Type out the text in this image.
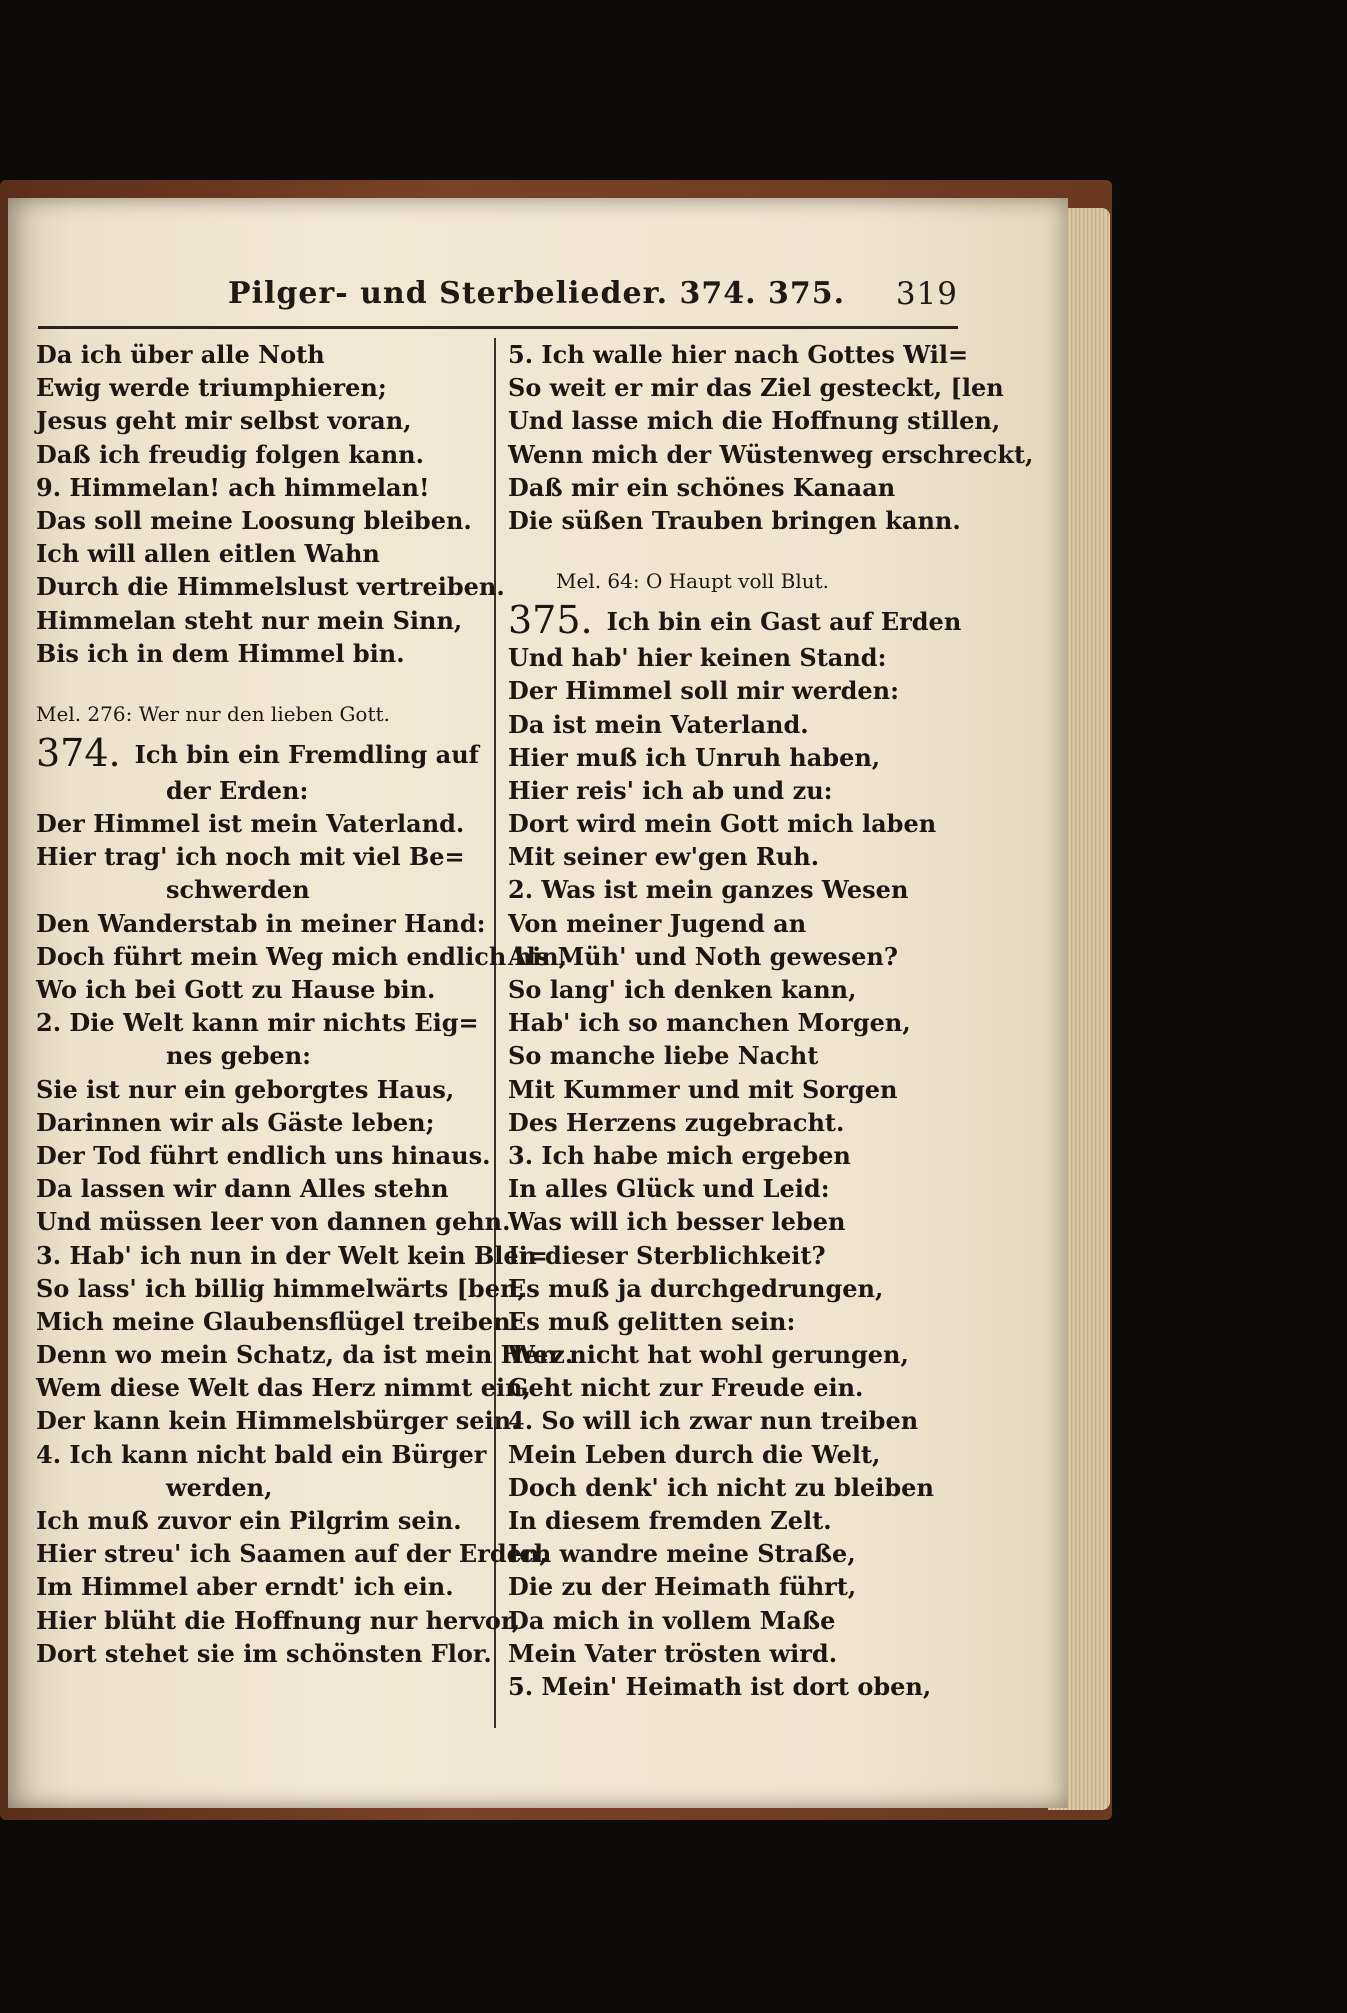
Pilger- und Sterbelieder. 374. 375. 319
Da ich über alle Noth
Ewig werde triumphieren;
Jesus geht mir selbst voran,
Daß ich freudig folgen kann.
9. Himmelan! ach himmelan!
Das soll meine Loosung bleiben.
Ich will allen eitlen Wahn
Durch die Himmelslust vertreiben.
Himmelan steht nur mein Sinn,
Bis ich in dem Himmel bin.
Mel. 276: Wer nur den lieben Gott.
374. Ich bin ein Fremdling auf
der Erden:
Der Himmel ist mein Vaterland.
Hier trag' ich noch mit viel Be=
schwerden
Den Wanderstab in meiner Hand:
Doch führt mein Weg mich endlich hin,
Wo ich bei Gott zu Hause bin.
2. Die Welt kann mir nichts Eig=
nes geben:
Sie ist nur ein geborgtes Haus,
Darinnen wir als Gäste leben;
Der Tod führt endlich uns hinaus.
Da lassen wir dann Alles stehn
Und müssen leer von dannen gehn.
3. Hab' ich nun in der Welt kein Blei=
So lass' ich billig himmelwärts [ben,
Mich meine Glaubensflügel treiben:
Denn wo mein Schatz, da ist mein Herz.
Wem diese Welt das Herz nimmt ein,
Der kann kein Himmelsbürger sein.
4. Ich kann nicht bald ein Bürger
werden,
Ich muß zuvor ein Pilgrim sein.
Hier streu' ich Saamen auf der Erden,
Im Himmel aber erndt' ich ein.
Hier blüht die Hoffnung nur hervor,
Dort stehet sie im schönsten Flor.
5. Ich walle hier nach Gottes Wil=
So weit er mir das Ziel gesteckt, [len
Und lasse mich die Hoffnung stillen,
Wenn mich der Wüstenweg erschreckt,
Daß mir ein schönes Kanaan
Die süßen Trauben bringen kann.
Mel. 64: O Haupt voll Blut.
375. Ich bin ein Gast auf Erden
Und hab' hier keinen Stand:
Der Himmel soll mir werden:
Da ist mein Vaterland.
Hier muß ich Unruh haben,
Hier reis' ich ab und zu:
Dort wird mein Gott mich laben
Mit seiner ew'gen Ruh.
2. Was ist mein ganzes Wesen
Von meiner Jugend an
Als Müh' und Noth gewesen?
So lang' ich denken kann,
Hab' ich so manchen Morgen,
So manche liebe Nacht
Mit Kummer und mit Sorgen
Des Herzens zugebracht.
3. Ich habe mich ergeben
In alles Glück und Leid:
Was will ich besser leben
In dieser Sterblichkeit?
Es muß ja durchgedrungen,
Es muß gelitten sein:
Wer nicht hat wohl gerungen,
Geht nicht zur Freude ein.
4. So will ich zwar nun treiben
Mein Leben durch die Welt,
Doch denk' ich nicht zu bleiben
In diesem fremden Zelt.
Ich wandre meine Straße,
Die zu der Heimath führt,
Da mich in vollem Maße
Mein Vater trösten wird.
5. Mein' Heimath ist dort oben,
